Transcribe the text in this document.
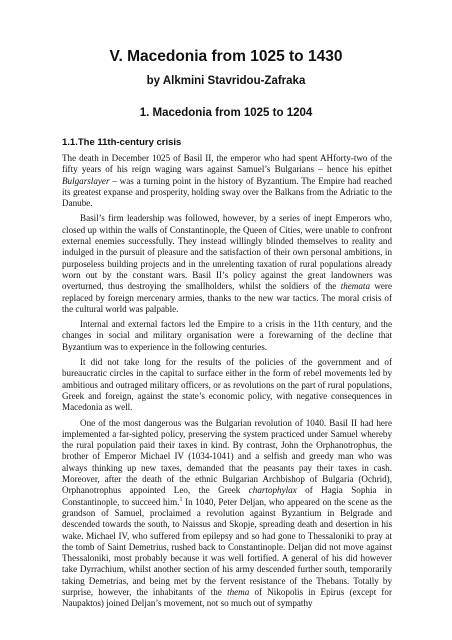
V. Macedonia from 1025 to 1430
by Alkmini Stavridou-Zafraka
1. Macedonia from 1025 to 1204
1.1.The 11th-century crisis

The death in December 1025 of Basil II, the emperor who had spent AHforty-two of the fifty years of his reign waging wars against Samuel’s Bulgarians – hence his epithet Bulgarslayer – was a turning point in the history of Byzantium. The Empire had reached its greatest expanse and prosperity, holding sway over the Balkans from the Adriatic to the Danube.

Basil’s firm leadership was followed, however, by a series of inept Emperors who, closed up within the walls of Constantinople, the Queen of Cities, were unable to confront external enemies successfully. They instead willingly blinded themselves to reality and indulged in the pursuit of pleasure and the satisfaction of their own personal ambitions, in purposeless building projects and in the unrelenting taxation of rural populations already worn out by the constant wars. Basil II’s policy against the great landowners was overturned, thus destroying the smallholders, whilst the soldiers of the themata were replaced by foreign mercenary armies, thanks to the new war tactics. The moral crisis of the cultural world was palpable.

Internal and external factors led the Empire to a crisis in the 11th century, and the changes in social and military organisation were a forewarning of the decline that Byzantium was to experience in the following centuries.

It did not take long for the results of the policies of the government and of bureaucratic circles in the capital to surface either in the form of rebel movements led by ambitious and outraged military officers, or as revolutions on the part of rural populations, Greek and foreign, against the state’s economic policy, with negative consequences in Macedonia as well.

One of the most dangerous was the Bulgarian revolution of 1040. Basil II had here implemented a far-sighted policy, preserving the system practiced under Samuel whereby the rural population paid their taxes in kind. By contrast, John the Orphanotrophus, the brother of Emperor Michael IV (1034-1041) and a selfish and greedy man who was always thinking up new taxes, demanded that the peasants pay their taxes in cash. Moreover, after the death of the ethnic Bulgarian Archbishop of Bulgaria (Ochrid), Orphanotrophus appointed Leo, the Greek chartophylax of Hagia Sophia in Constantinople, to succeed him.$^1$ In 1040, Peter Deljan, who appeared on the scene as the grandson of Samuel, proclaimed a revolution against Byzantium in Belgrade and descended towards the south, to Naissus and Skopje, spreading death and desertion in his wake. Michael IV, who suffered from epilepsy and so had gone to Thessaloniki to pray at the tomb of Saint Demetrius, rushed back to Constantinople. Deljan did not move against Thessaloniki, most probably because it was well fortified. A general of his did however take Dyrrachium, whilst another section of his army descended further south, temporarily taking Demetrias, and being met by the fervent resistance of the Thebans. Totally by surprise, however, the inhabitants of the thema of Nikopolis in Epirus (except for Naupaktos) joined Deljan’s movement, not so much out of sympathy
